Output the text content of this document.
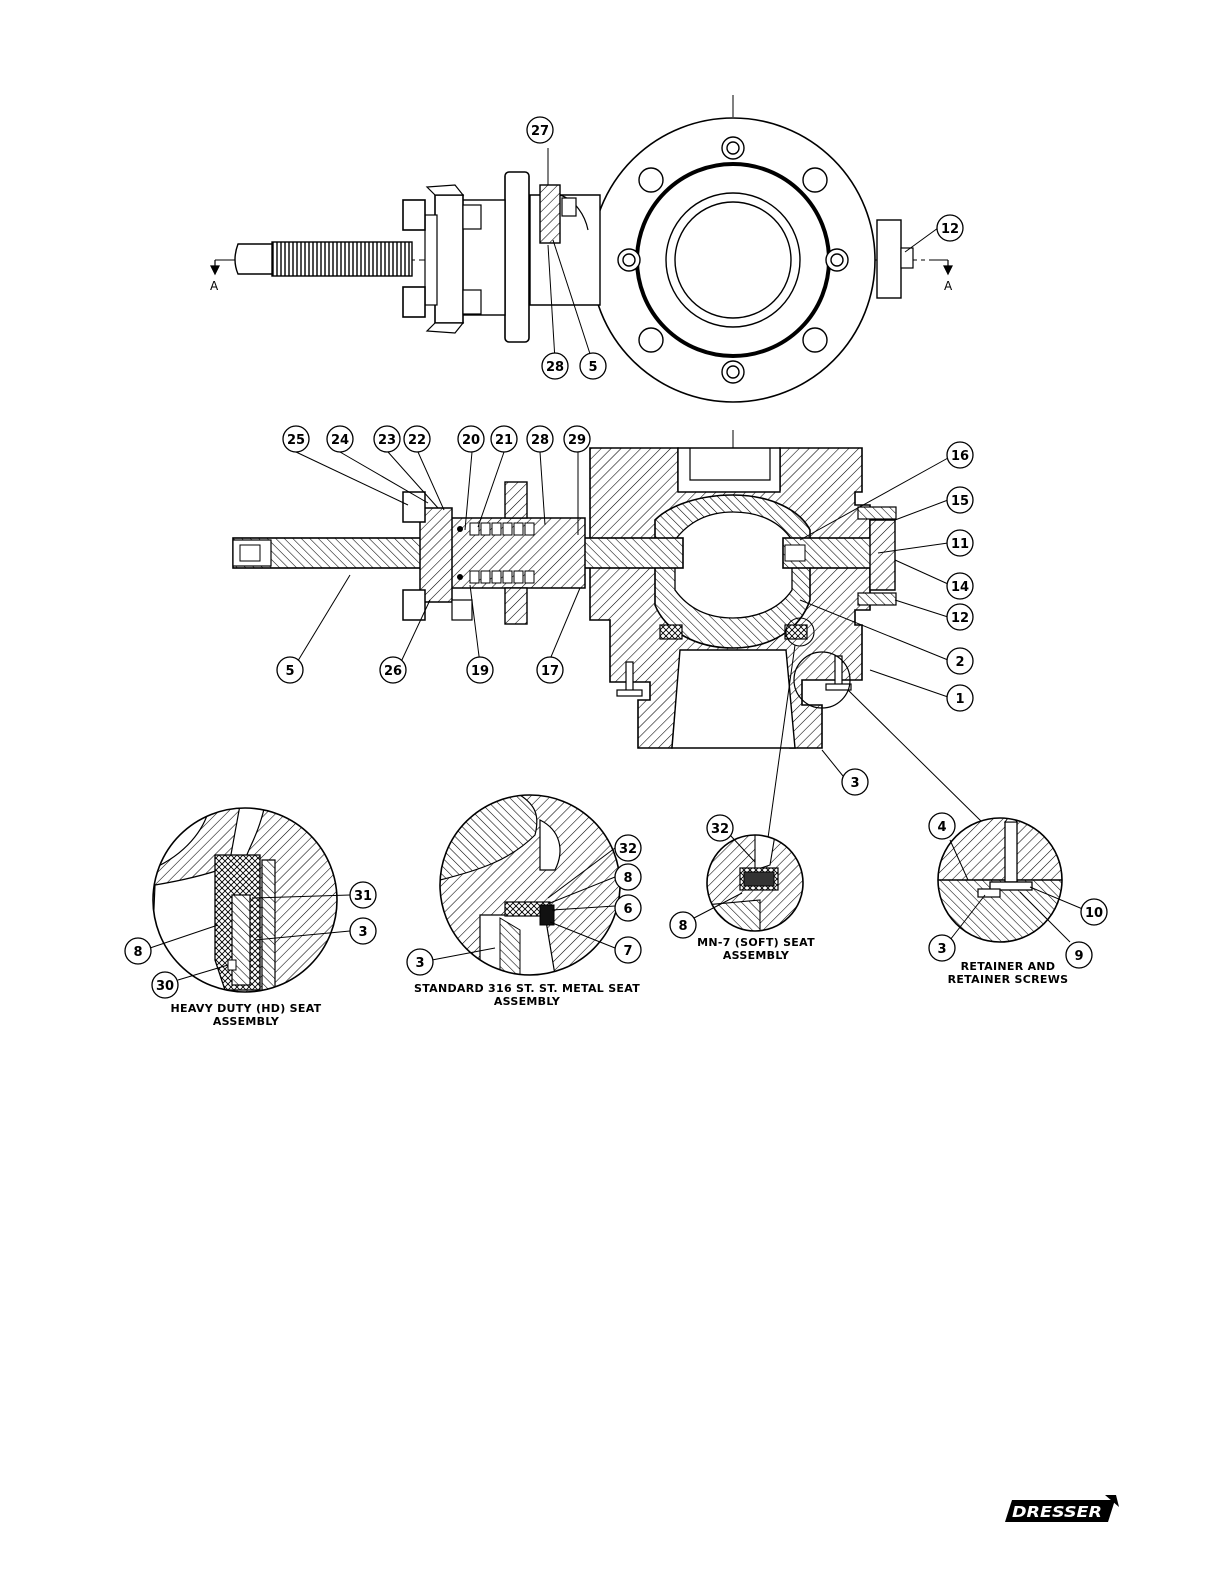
A	A
27
12
28 5
25 24 23 22	20 21 28 29
16
15
11
14
12
2
1
3
5	26	19	17
31
3
8
30
HEAVY DUTY (HD) SEAT
ASSEMBLY
32
8
6
7
3
STANDARD 316 ST. ST. METAL SEAT
ASSEMBLY
32
8
MN-7 (SOFT) SEAT
ASSEMBLY
4
10
9
3
RETAINER AND
RETAINER SCREWS
DRESSER
